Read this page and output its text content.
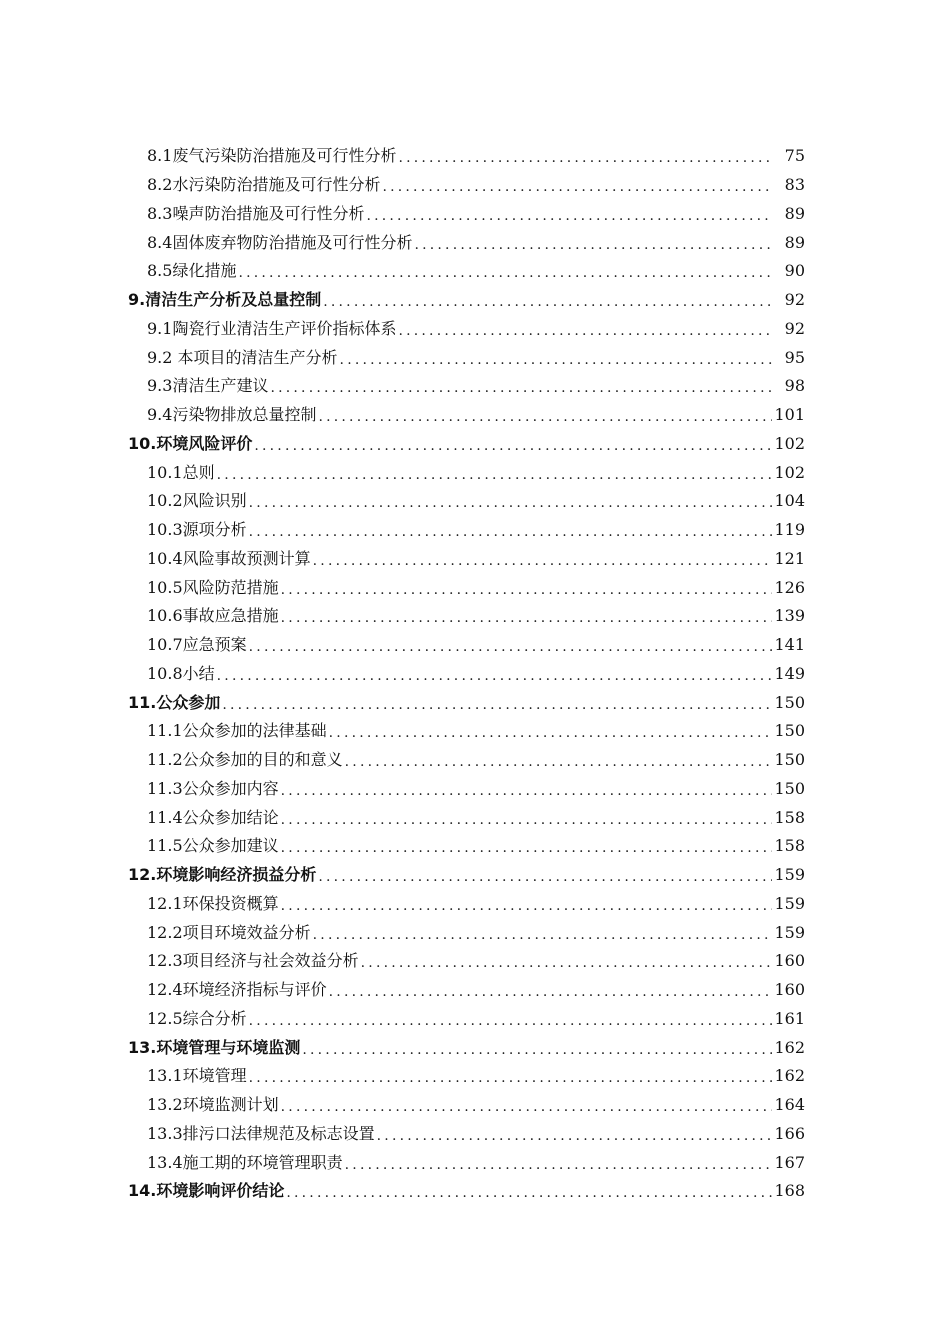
8.1废气污染防治措施及可行性分析 .....	75
8.2水污染防治措施及可行性分析 .....	83
8.3噪声防治措施及可行性分析 .....	89
8.4固体废弃物防治措施及可行性分析 .....	89
8.5绿化措施 .....	90
9.清洁生产分析及总量控制 .....	92
9.1陶瓷行业清洁生产评价指标体系 .....	92
9.2 本项目的清洁生产分析 .....	95
9.3清洁生产建议 .....	98
9.4污染物排放总量控制 .....	101
10.环境风险评价 .....	102
10.1总则 .....	102
10.2风险识别 .....	104
10.3源项分析 .....	119
10.4风险事故预测计算 .....	121
10.5风险防范措施 .....	126
10.6事故应急措施 .....	139
10.7应急预案 .....	141
10.8小结 .....	149
11.公众参加 .....	150
11.1公众参加的法律基础 .....	150
11.2公众参加的目的和意义 .....	150
11.3公众参加内容 .....	150
11.4公众参加结论 .....	158
11.5公众参加建议 .....	158
12.环境影响经济损益分析 .....	159
12.1环保投资概算 .....	159
12.2项目环境效益分析 .....	159
12.3项目经济与社会效益分析 .....	160
12.4环境经济指标与评价 .....	160
12.5综合分析 .....	161
13.环境管理与环境监测 .....	162
13.1环境管理 .....	162
13.2环境监测计划 .....	164
13.3排污口法律规范及标志设置 .....	166
13.4施工期的环境管理职责 .....	167
14.环境影响评价结论 .....	168
